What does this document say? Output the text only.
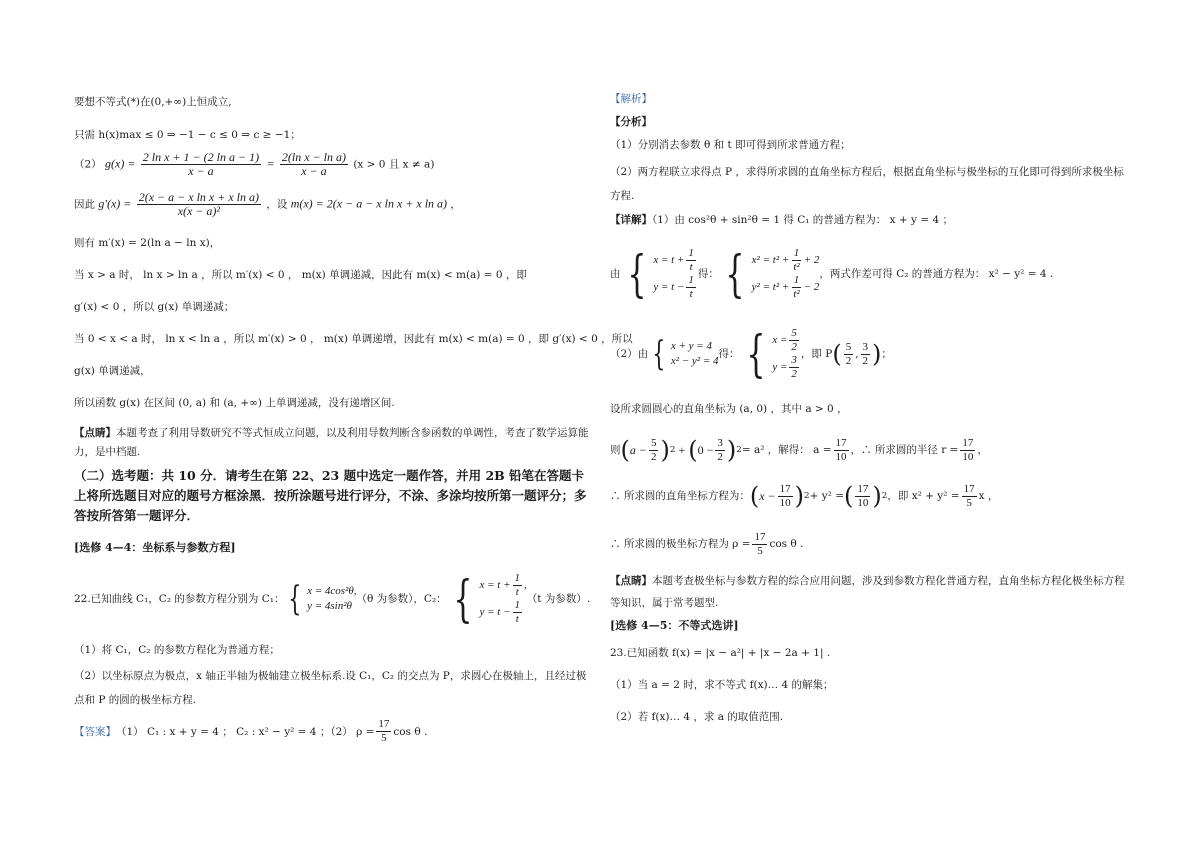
要想不等式(*)在(0,+∞)上恒成立,
只需 h(x)max ≤ 0 ⇒ −1 − c ≤ 0 ⇒ c ≥ −1；
（2） $g(x) = \frac{\text{2 ln x + 1 − (2 ln a − 1)}}{x - a} = \frac{\text{2(ln x − ln a)}}{x - a} (x > 0$ 且 x ≠ a)
因此 $g'(x) = \frac{\text{2(x − a − x ln x + x ln a)}}{\text{x(x − a)²}}$ ，设 m(x) = 2(x − a − x ln x + x ln a) ，
则有 m′(x) = 2(ln a − ln x)，
当 x > a 时， ln x > ln a ，所以 m′(x) < 0 ， m(x) 单调递减，因此有 m(x) < m(a) = 0 ，即
g′(x) < 0 ，所以 g(x) 单调递减；
当 0 < x < a 时， ln x < ln a ，所以 m′(x) > 0 ， m(x) 单调递增，因此有 m(x) < m(a) = 0 ，即 g′(x) < 0 ，所以
g(x) 单调递减，
所以函数 g(x) 在区间 (0, a) 和 (a, +∞) 上单调递减，没有递增区间.
【点睛】本题考查了利用导数研究不等式恒成立问题，以及利用导数判断含参函数的单调性，考查了数学运算能力，是中档题.
（二）选考题：共 10 分．请考生在第 22、23 题中选定一题作答，并用 2B 铅笔在答题卡上将所选题目对应的题号方框涂黑．按所涂题号进行评分，不涂、多涂均按所第一题评分；多答按所答第一题评分．
[选修 4—4：坐标系与参数方程]
22.已知曲线 C₁，C₂ 的参数方程分别为 C₁： { x = 4cos²θ,
y = 4sin²θ
（θ 为参数），C₂： { $x = t + \frac{1}{t}$ ,
$y = t - \frac{1}{t} (t$ 为参数）.
（1）将 C₁，C₂ 的参数方程化为普通方程；
（2）以坐标原点为极点，x 轴正半轴为极轴建立极坐标系.设 C₁，C₂ 的交点为 P，求圆心在极轴上，且经过极点和 P 的圆的极坐标方程.
【答案】 （1） C₁ : x + y = 4 ； C₂ : x² − y² = 4 ；（2） $\rho = \frac{17}{5}$ cos θ .
【解析】
【分析】
（1）分别消去参数 θ 和 t 即可得到所求普通方程；
（2）两方程联立求得点 P ，求得所求圆的直角坐标方程后，根据直角坐标与极坐标的互化即可得到所求极坐标方程.
【详解】（1）由 cos²θ + sin²θ = 1 得 C₁ 的普通方程为： x + y = 4 ；
由 { $x = t + \frac{1}{t}$
$y = t - \frac{1}{t}$ 得： { $x^2 = t^2 + \frac{1}{\text{t²}} + 2$
$y^2 = t^2 + \frac{1}{\text{t²}} - 2$
，两式作差可得 C₂ 的普通方程为： x² − y² = 4 .
（2）由 { x + y = 4
x² − y² = 4
得： { $x = \frac{5}{2}$
$y = \frac{3}{2}$ ，即 P ( $\frac{5}{2}$ , $\frac{3}{2}$ ) ；
设所求圆圆心的直角坐标为 (a, 0) ，其中 a > 0 ，
则 ( $a - \frac{5}{2}$ ) 2 + ( $0 - \frac{3}{2}$ ) 2 = a² ，解得： $a = \frac{17}{10}$ ，∴ 所求圆的半径 $r = \frac{17}{10}$ ，
∴ 所求圆的直角坐标方程为： ( $x - \frac{17}{10}$ ) 2 + y² = ( $\frac{17}{10}$ ) 2 ，即 $x^2 + y^2 = \frac{17}{5}$ x ，
∴ 所求圆的极坐标方程为 $\rho = \frac{17}{5}$ cos θ .
【点睛】本题考查极坐标与参数方程的综合应用问题，涉及到参数方程化普通方程，直角坐标方程化极坐标方程等知识，属于常考题型.
[选修 4—5：不等式选讲]
23.已知函数 f(x) = |x − a²| + |x − 2a + 1| .
（1）当 a = 2 时，求不等式 f(x)… 4 的解集；
（2）若 f(x)… 4 ，求 a 的取值范围.
